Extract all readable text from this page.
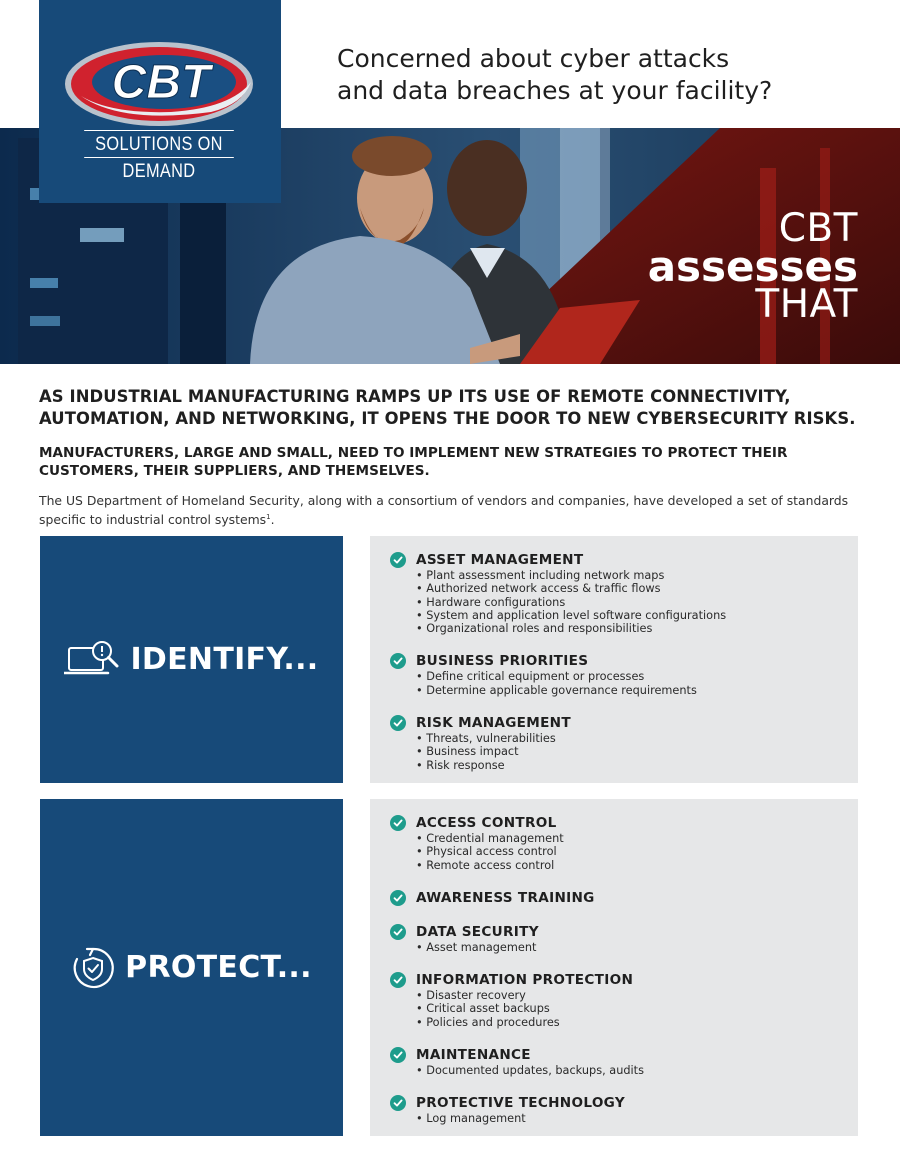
CBT
SOLUTIONS ON DEMAND
Concerned about cyber attacks
and data breaches at your facility?
CBT
assesses
THAT

AS INDUSTRIAL MANUFACTURING RAMPS UP ITS USE OF REMOTE CONNECTIVITY, AUTOMATION, AND NETWORKING, IT OPENS THE DOOR TO NEW CYBERSECURITY RISKS.

MANUFACTURERS, LARGE AND SMALL, NEED TO IMPLEMENT NEW STRATEGIES TO PROTECT THEIR CUSTOMERS, THEIR SUPPLIERS, AND THEMSELVES.

The US Department of Homeland Security, along with a consortium of vendors and companies, have developed a set of standards specific to industrial control systems$^1$.

IDENTIFY...
ASSET MANAGEMENT
• Plant assessment including network maps
• Authorized network access & traffic flows
• Hardware configurations
• System and application level software configurations
• Organizational roles and responsibilities
BUSINESS PRIORITIES
• Define critical equipment or processes
• Determine applicable governance requirements
RISK MANAGEMENT
• Threats, vulnerabilities
• Business impact
• Risk response
PROTECT...
ACCESS CONTROL
• Credential management
• Physical access control
• Remote access control
AWARENESS TRAINING
DATA SECURITY
• Asset management
INFORMATION PROTECTION
• Disaster recovery
• Critical asset backups
• Policies and procedures
MAINTENANCE
• Documented updates, backups, audits
PROTECTIVE TECHNOLOGY
• Log management
